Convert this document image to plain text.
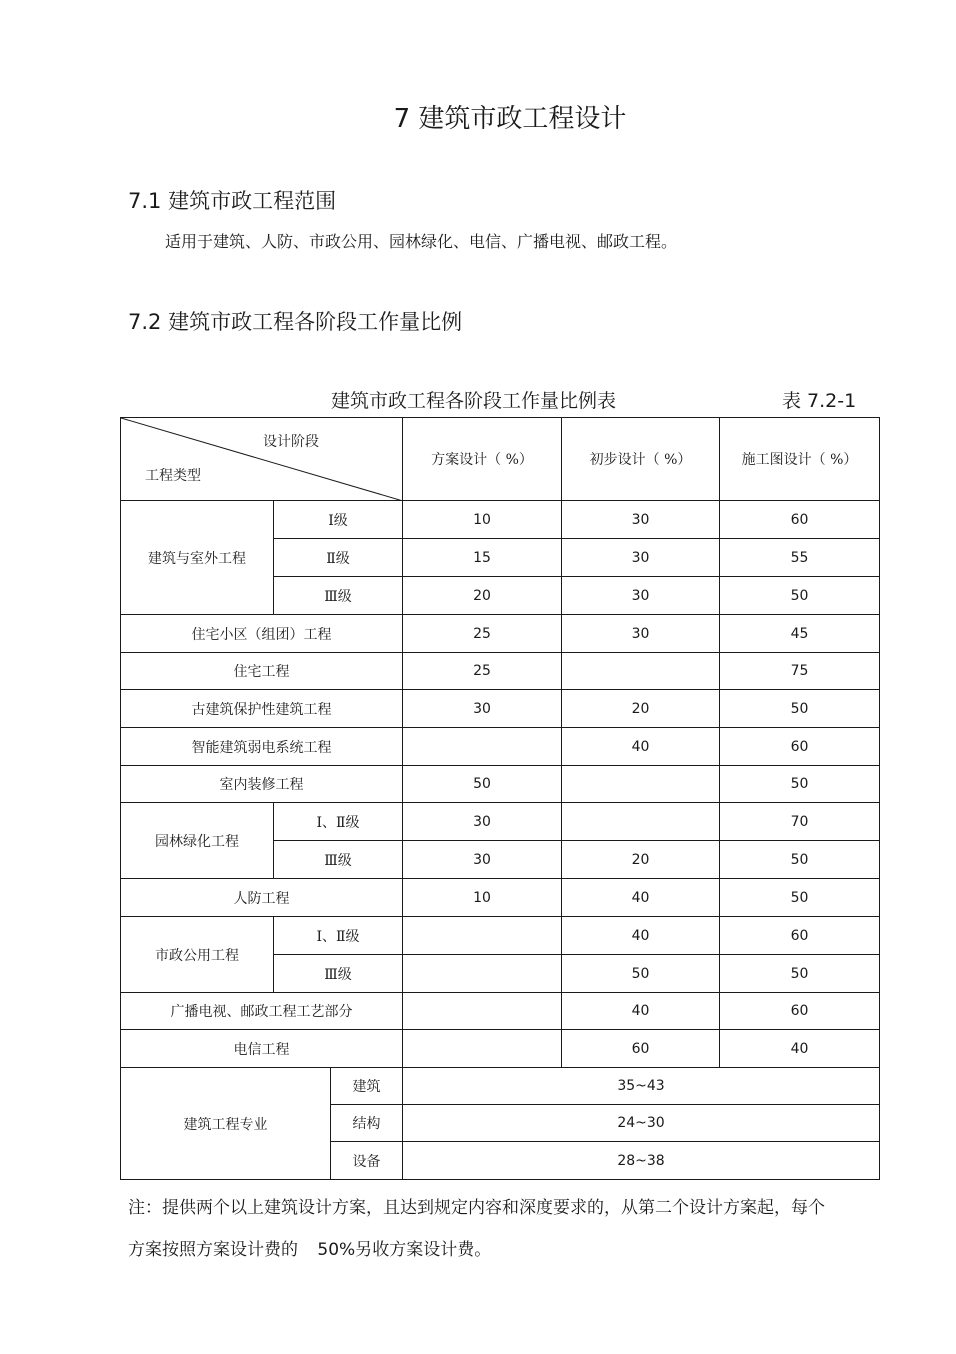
7 建筑市政工程设计
7.1 建筑市政工程范围
适用于建筑、人防、市政公用、园林绿化、电信、广播电视、邮政工程。
7.2 建筑市政工程各阶段工作量比例
建筑市政工程各阶段工作量比例表	表 7.2-1
设计阶段
工程类型			方案设计（ %）	初步设计（ %）	施工图设计（ %）
建筑与室外工程	Ⅰ级		10	30	60
	Ⅱ级		15	30	55
	Ⅲ级		20	30	50
住宅小区（组团）工程			25	30	45
住宅工程			25		75
古建筑保护性建筑工程			30	20	50
智能建筑弱电系统工程				40	60
室内装修工程			50		50
园林绿化工程	Ⅰ、Ⅱ级		30		70
	Ⅲ级		30	20	50
人防工程			10	40	50
市政公用工程	Ⅰ、Ⅱ级			40	60
	Ⅲ级			50	50
广播电视、邮政工程工艺部分				40	60
电信工程				60	40
建筑工程专业		建筑	35~43		
		结构	24~30		
		设备	28~38		
注：提供两个以上建筑设计方案，且达到规定内容和深度要求的，从第二个设计方案起，每个
方案按照方案设计费的 50%另收方案设计费。
